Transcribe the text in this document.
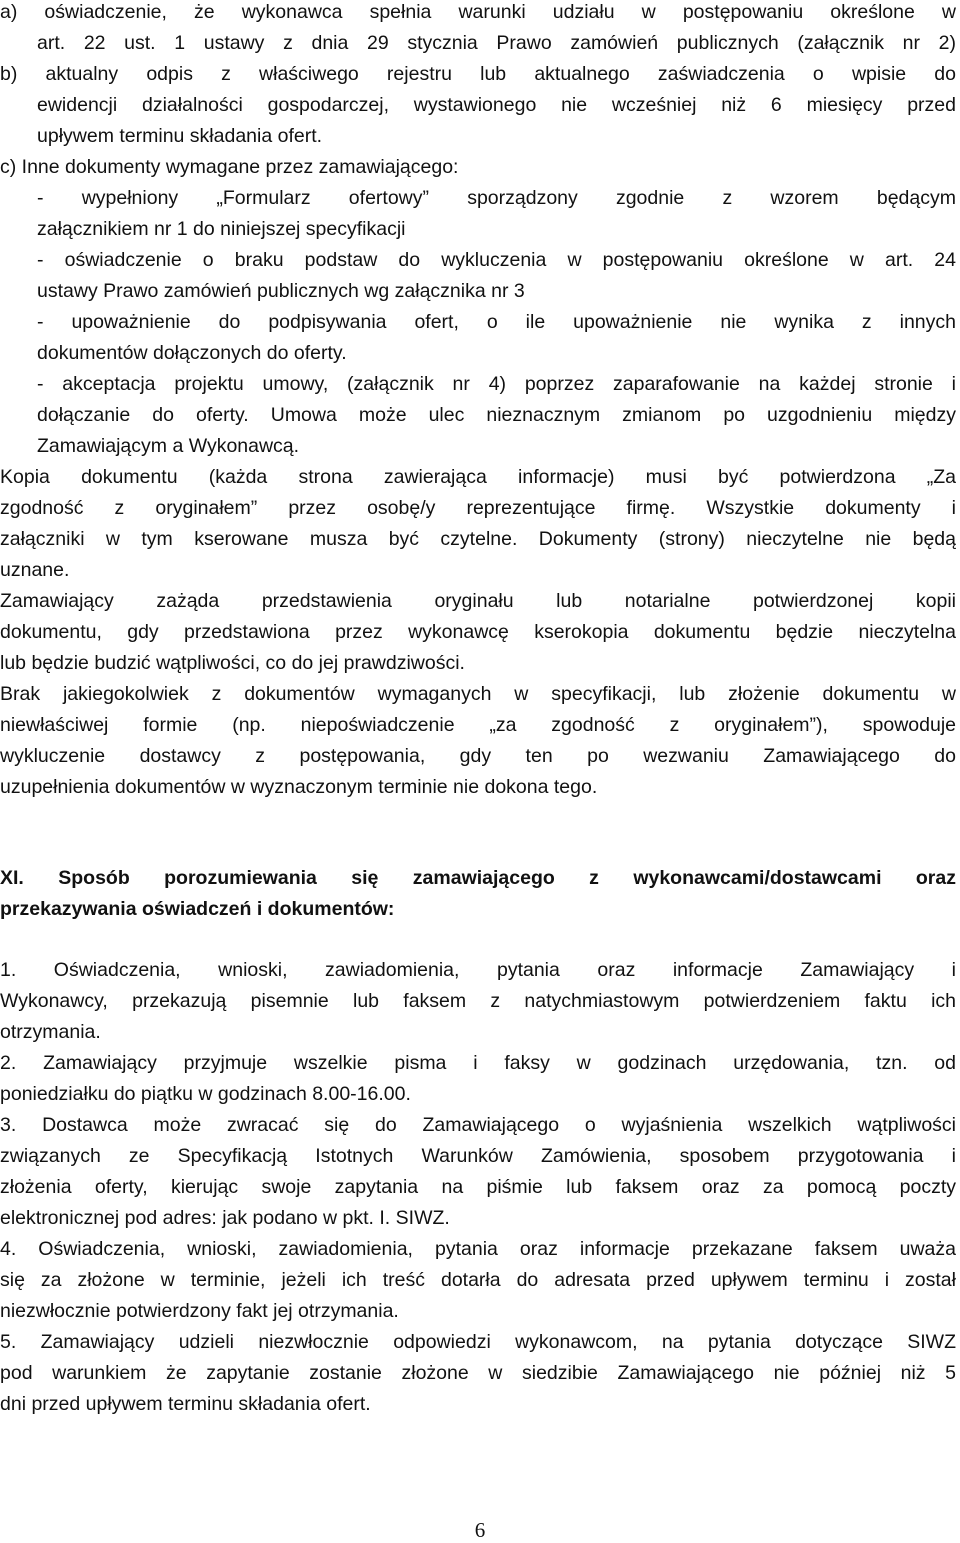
a) oświadczenie, że wykonawca spełnia warunki udziału w postępowaniu określone w
art. 22 ust. 1 ustawy z dnia 29 stycznia Prawo zamówień publicznych (załącznik nr 2)
b) aktualny odpis z właściwego rejestru lub aktualnego zaświadczenia o wpisie do
ewidencji działalności gospodarczej, wystawionego nie wcześniej niż 6 miesięcy przed
upływem terminu składania ofert.
c) Inne dokumenty wymagane przez zamawiającego:
- wypełniony „Formularz ofertowy” sporządzony zgodnie z wzorem będącym
załącznikiem nr 1 do niniejszej specyfikacji
- oświadczenie o braku podstaw do wykluczenia w postępowaniu określone w art. 24
ustawy Prawo zamówień publicznych wg załącznika nr 3
- upoważnienie do podpisywania ofert, o ile upoważnienie nie wynika z innych
dokumentów dołączonych do oferty.
- akceptacja projektu umowy, (załącznik nr 4) poprzez zaparafowanie na każdej stronie i
dołączanie do oferty. Umowa może ulec nieznacznym zmianom po uzgodnieniu między
Zamawiającym a Wykonawcą.
Kopia dokumentu (każda strona zawierająca informacje) musi być potwierdzona „Za
zgodność z oryginałem” przez osobę/y reprezentujące firmę. Wszystkie dokumenty i
załączniki w tym kserowane musza być czytelne. Dokumenty (strony) nieczytelne nie będą
uznane.
Zamawiający zażąda przedstawienia oryginału lub notarialne potwierdzonej kopii
dokumentu, gdy przedstawiona przez wykonawcę kserokopia dokumentu będzie nieczytelna
lub będzie budzić wątpliwości, co do jej prawdziwości.
Brak jakiegokolwiek z dokumentów wymaganych w specyfikacji, lub złożenie dokumentu w
niewłaściwej formie (np. niepoświadczenie „za zgodność z oryginałem”), spowoduje
wykluczenie dostawcy z postępowania, gdy ten po wezwaniu Zamawiającego do
uzupełnienia dokumentów w wyznaczonym terminie nie dokona tego.
XI. Sposób porozumiewania się zamawiającego z wykonawcami/dostawcami oraz
przekazywania oświadczeń i dokumentów:
1. Oświadczenia, wnioski, zawiadomienia, pytania oraz informacje Zamawiający i
Wykonawcy, przekazują pisemnie lub faksem z natychmiastowym potwierdzeniem faktu ich
otrzymania.
2. Zamawiający przyjmuje wszelkie pisma i faksy w godzinach urzędowania, tzn. od
poniedziałku do piątku w godzinach 8.00-16.00.
3. Dostawca może zwracać się do Zamawiającego o wyjaśnienia wszelkich wątpliwości
związanych ze Specyfikacją Istotnych Warunków Zamówienia, sposobem przygotowania i
złożenia oferty, kierując swoje zapytania na piśmie lub faksem oraz za pomocą poczty
elektronicznej pod adres: jak podano w pkt. I. SIWZ.
4. Oświadczenia, wnioski, zawiadomienia, pytania oraz informacje przekazane faksem uważa
się za złożone w terminie, jeżeli ich treść dotarła do adresata przed upływem terminu i został
niezwłocznie potwierdzony fakt jej otrzymania.
5. Zamawiający udzieli niezwłocznie odpowiedzi wykonawcom, na pytania dotyczące SIWZ
pod warunkiem że zapytanie zostanie złożone w siedzibie Zamawiającego nie później niż 5
dni przed upływem terminu składania ofert.
6
